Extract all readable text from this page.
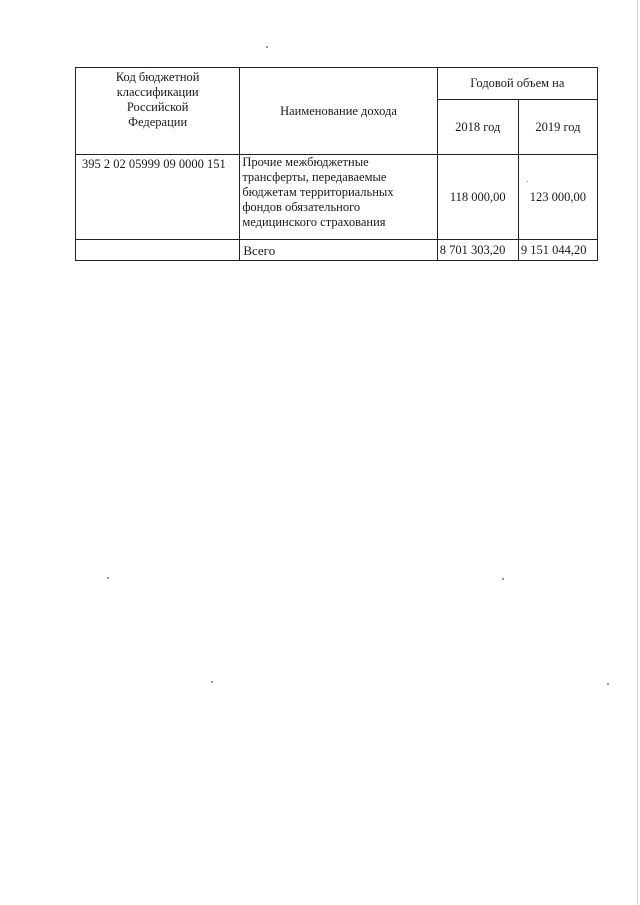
Код бюджетной
классификации
Российской
Федерации	Наименование дохода	Годовой объем на	
		2018 год	2019 год
395 2 02 05999 09 0000 151	Прочие межбюджетные
трансферты, передаваемые
бюджетам территориальных
фондов обязательного
медицинского страхования	118 000,00	123 000,00
	Всего	8 701 303,20	9 151 044,20
